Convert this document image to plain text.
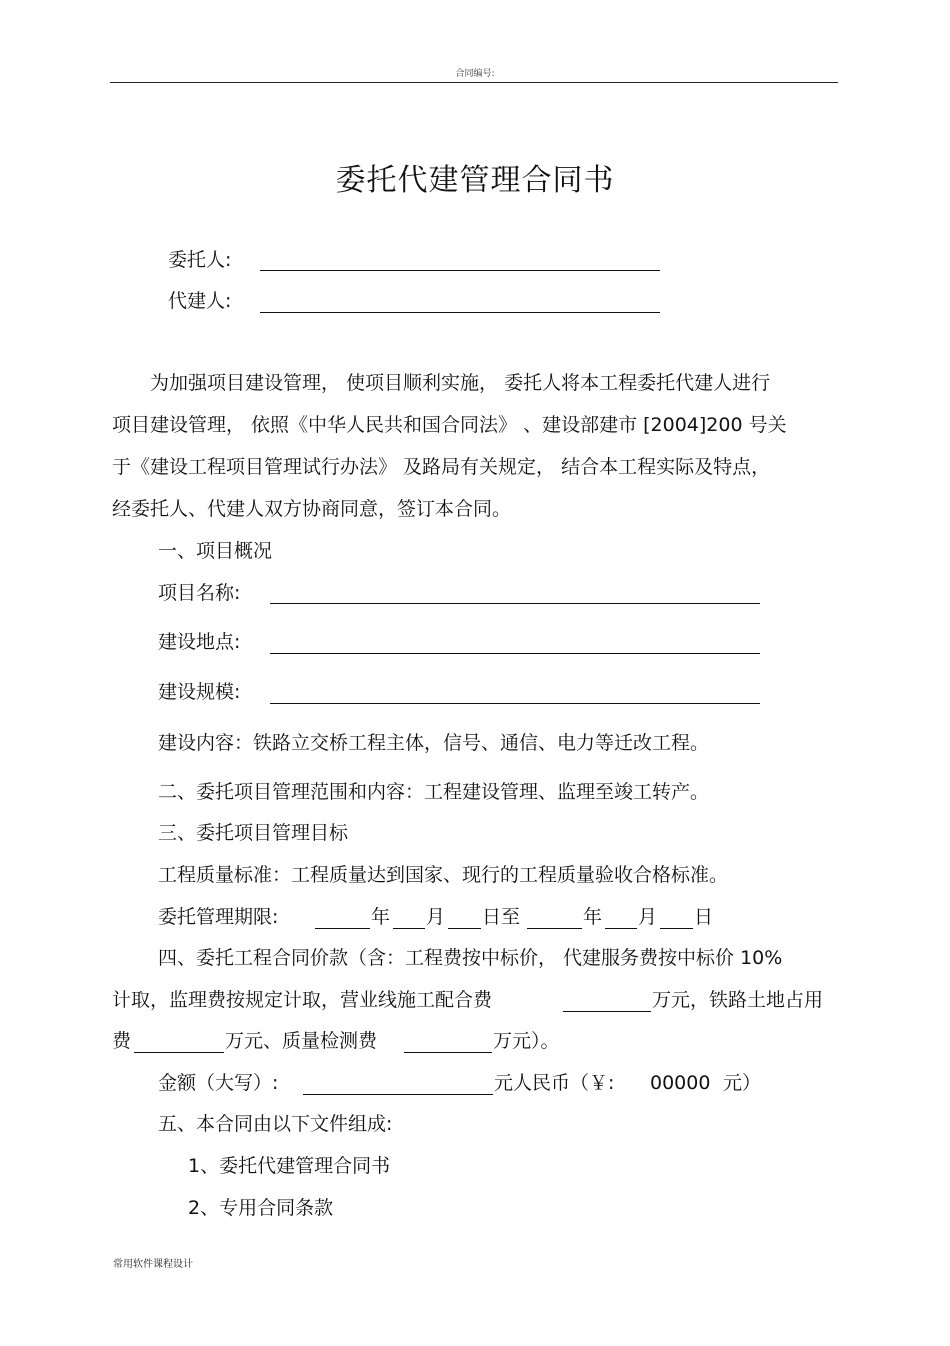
合同编号:
委托代建管理合同书
委托人:
代建人:
为加强项目建设管理， 使项目顺利实施， 委托人将本工程委托代建人进行
项目建设管理， 依照《中华人民共和国合同法》 、建设部建市 [2004]200 号关
于《建设工程项目管理试行办法》 及路局有关规定， 结合本工程实际及特点，
经委托人、代建人双方协商同意，签订本合同。
一、项目概况
项目名称:
建设地点:
建设规模:
建设内容：铁路立交桥工程主体，信号、通信、电力等迁改工程。
二、委托项目管理范围和内容：工程建设管理、监理至竣工转产。
三、委托项目管理目标
工程质量标准：工程质量达到国家、现行的工程质量验收合格标准。
委托管理期限:	年 月 日至	年 月 日
四、委托工程合同价款（含：工程费按中标价， 代建服务费按中标价 10%
计取，监理费按规定计取，营业线施工配合费	万元，铁路土地占用
费	万元、质量检测费	万元）。
金额（大写）:	元人民币（￥: 00000 元）
五、本合同由以下文件组成:
1、委托代建管理合同书
2、专用合同条款
常用软件课程设计
